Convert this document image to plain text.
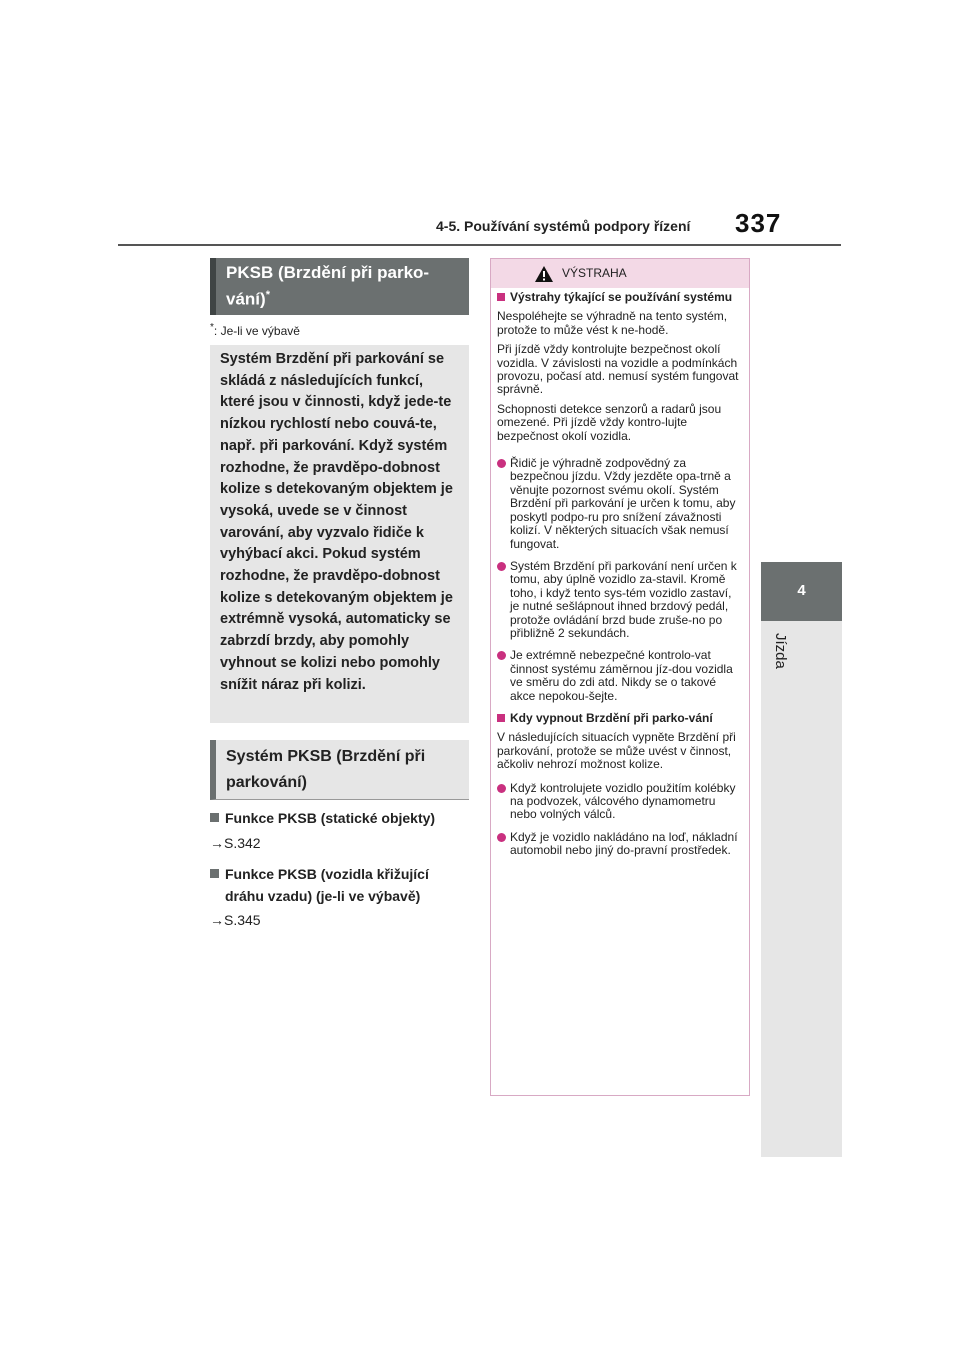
4-5. Používání systémů podpory řízení 337
4
Jízda
PKSB (Brzdění při parko-vání)*
*: Je-li ve výbavě
Systém Brzdění při parkování se skládá z následujících funkcí, které jsou v činnosti, když jede-te nízkou rychlostí nebo couvá-te, např. při parkování. Když systém rozhodne, že pravděpo-dobnost kolize s detekovaným objektem je vysoká, uvede se v činnost varování, aby vyzvalo řidiče k vyhýbací akci. Pokud systém rozhodne, že pravděpo-dobnost kolize s detekovaným objektem je extrémně vysoká, automaticky se zabrzdí brzdy, aby pomohly vyhnout se kolizi nebo pomohly snížit náraz při kolizi.
Systém PKSB (Brzdění při parkování)
Funkce PKSB (statické objekty)
→S.342
Funkce PKSB (vozidla křižující dráhu vzadu) (je-li ve výbavě)
→S.345
VÝSTRAHA
Výstrahy týkající se používání systému
Nespoléhejte se výhradně na tento systém, protože to může vést k ne-hodě.
Při jízdě vždy kontrolujte bezpečnost okolí vozidla. V závislosti na vozidle a podmínkách provozu, počasí atd. nemusí systém fungovat správně.
Schopnosti detekce senzorů a radarů jsou omezené. Při jízdě vždy kontro-lujte bezpečnost okolí vozidla.
Řidič je výhradně zodpovědný za bezpečnou jízdu. Vždy jezděte opa-trně a věnujte pozornost svému okolí. Systém Brzdění při parkování je určen k tomu, aby poskytl podpo-ru pro snížení závažnosti kolizí. V některých situacích však nemusí fungovat.
Systém Brzdění při parkování není určen k tomu, aby úplně vozidlo za-stavil. Kromě toho, i když tento sys-tém vozidlo zastaví, je nutné sešlápnout ihned brzdový pedál, protože ovládání brzd bude zruše-no po přibližně 2 sekundách.
Je extrémně nebezpečné kontrolo-vat činnost systému záměrnou jíz-dou vozidla ve směru do zdi atd. Nikdy se o takové akce nepokou-šejte.
Kdy vypnout Brzdění při parko-vání
V následujících situacích vypněte Brzdění při parkování, protože se může uvést v činnost, ačkoliv nehrozí možnost kolize.
Když kontrolujete vozidlo použitím kolébky na podvozek, válcového dynamometru nebo volných válců.
Když je vozidlo nakládáno na loď, nákladní automobil nebo jiný do-pravní prostředek.
